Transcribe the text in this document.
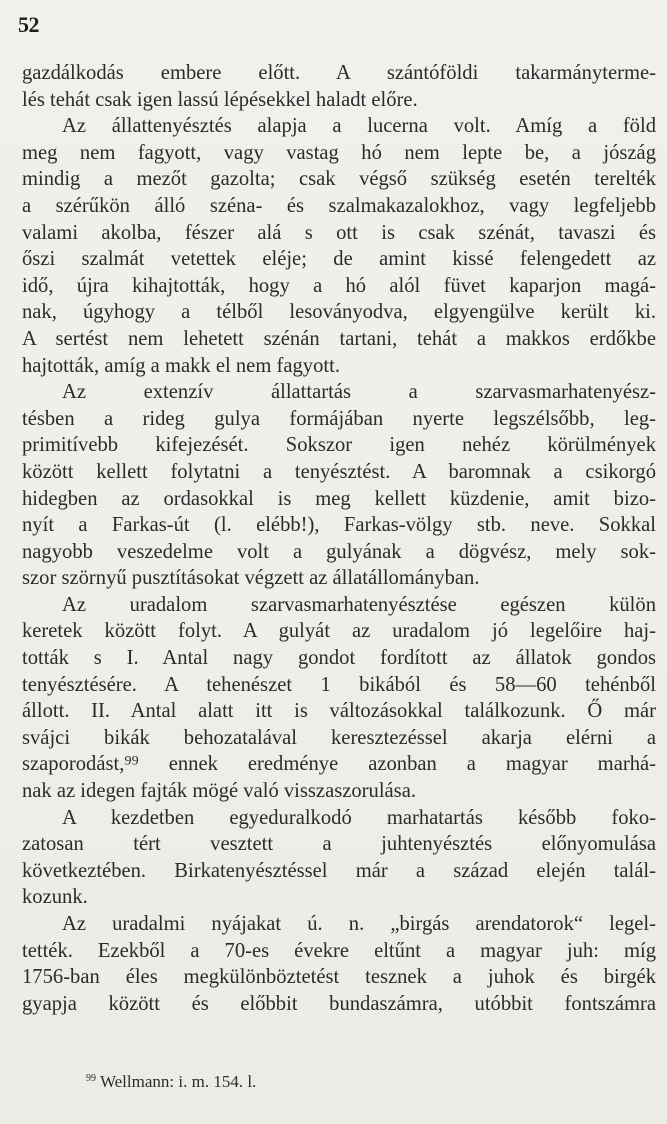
52
gazdálkodás embere előtt. A szántóföldi takarmányterme-
lés tehát csak igen lassú lépésekkel haladt előre.
Az állattenyésztés alapja a lucerna volt. Amíg a föld
meg nem fagyott, vagy vastag hó nem lepte be, a jószág
mindig a mezőt gazolta; csak végső szükség esetén terelték
a szérűkön álló széna- és szalmakazalokhoz, vagy legfeljebb
valami akolba, fészer alá s ott is csak szénát, tavaszi és
őszi szalmát vetettek eléje; de amint kissé felengedett az
idő, újra kihajtották, hogy a hó alól füvet kaparjon magá-
nak, úgyhogy a télből lesoványodva, elgyengülve került ki.
A sertést nem lehetett szénán tartani, tehát a makkos erdőkbe
hajtották, amíg a makk el nem fagyott.
Az extenzív állattartás a szarvasmarhatenyész-
tésben a rideg gulya formájában nyerte legszélsőbb, leg-
primitívebb kifejezését. Sokszor igen nehéz körülmények
között kellett folytatni a tenyésztést. A baromnak a csikorgó
hidegben az ordasokkal is meg kellett küzdenie, amit bizo-
nyít a Farkas-út (l. elébb!), Farkas-völgy stb. neve. Sokkal
nagyobb veszedelme volt a gulyának a dögvész, mely sok-
szor szörnyű pusztításokat végzett az állatállományban.
Az uradalom szarvasmarhatenyésztése egészen külön
keretek között folyt. A gulyát az uradalom jó legelőire haj-
tották s I. Antal nagy gondot fordított az állatok gondos
tenyésztésére. A tehenészet 1 bikából és 58—60 tehénből
állott. II. Antal alatt itt is változásokkal találkozunk. Ő már
svájci bikák behozatalával keresztezéssel akarja elérni a
szaporodást,⁹⁹ ennek eredménye azonban a magyar marhá-
nak az idegen fajták mögé való visszaszorulása.
A kezdetben egyeduralkodó marhatartás később foko-
zatosan tért vesztett a juhtenyésztés előnyomulása
következtében. Birkatenyésztéssel már a század elején talál-
kozunk.
Az uradalmi nyájakat ú. n. „birgás arendatorok“ legel-
tették. Ezekből a 70-es évekre eltűnt a magyar juh: míg
1756-ban éles megkülönböztetést tesznek a juhok és birgék
gyapja között és előbbit bundaszámra, utóbbit fontszámra
$^{99}$ Wellmann: i. m. 154. l.
